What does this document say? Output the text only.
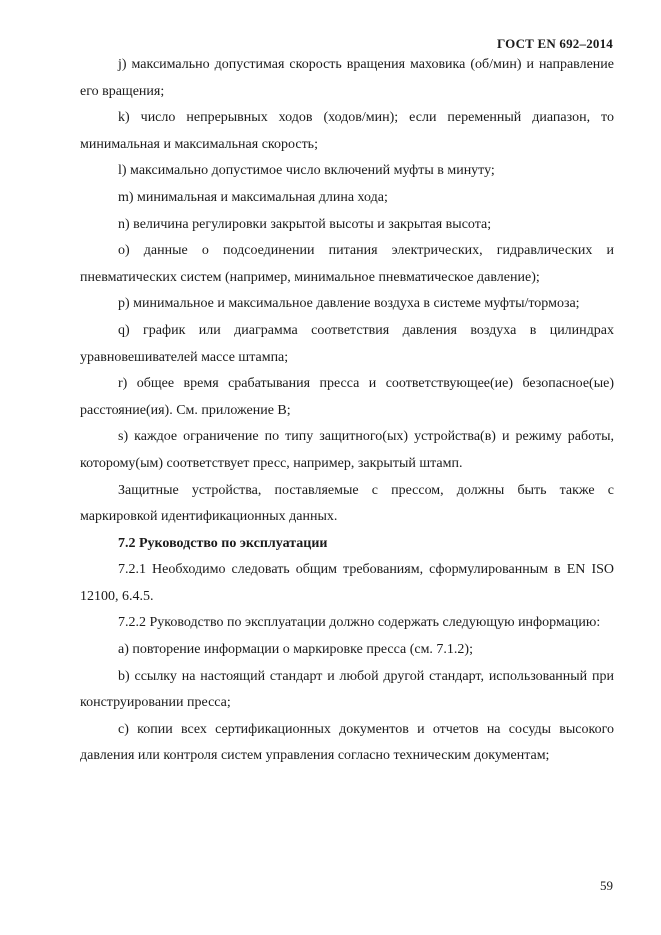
ГОСТ EN 692–2014

j) максимально допустимая скорость вращения маховика (об/мин) и направление его вращения;

k) число непрерывных ходов (ходов/мин); если переменный диапазон, то минимальная и максимальная скорость;

l) максимально допустимое число включений муфты в минуту;

m) минимальная и максимальная длина хода;

n) величина регулировки закрытой высоты и закрытая высота;

o) данные о подсоединении питания электрических, гидравлических и пневматических систем (например, минимальное пневматическое давление);

p) минимальное и максимальное давление воздуха в системе муфты/тормоза;

q) график или диаграмма соответствия давления воздуха в цилиндрах уравновешивателей массе штампа;

r) общее время срабатывания пресса и соответствующее(ие) безопасное(ые) расстояние(ия). См. приложение В;

s) каждое ограничение по типу защитного(ых) устройства(в) и режиму работы, которому(ым) соответствует пресс, например, закрытый штамп.

Защитные устройства, поставляемые с прессом, должны быть также с маркировкой идентификационных данных.

7.2 Руководство по эксплуатации

7.2.1 Необходимо следовать общим требованиям, сформулированным в EN ISO 12100, 6.4.5.

7.2.2 Руководство по эксплуатации должно содержать следующую информацию:

a) повторение информации о маркировке пресса (см. 7.1.2);

b) ссылку на настоящий стандарт и любой другой стандарт, использованный при конструировании пресса;

c) копии всех сертификационных документов и отчетов на сосуды высокого давления или контроля систем управления согласно техническим документам;

59
